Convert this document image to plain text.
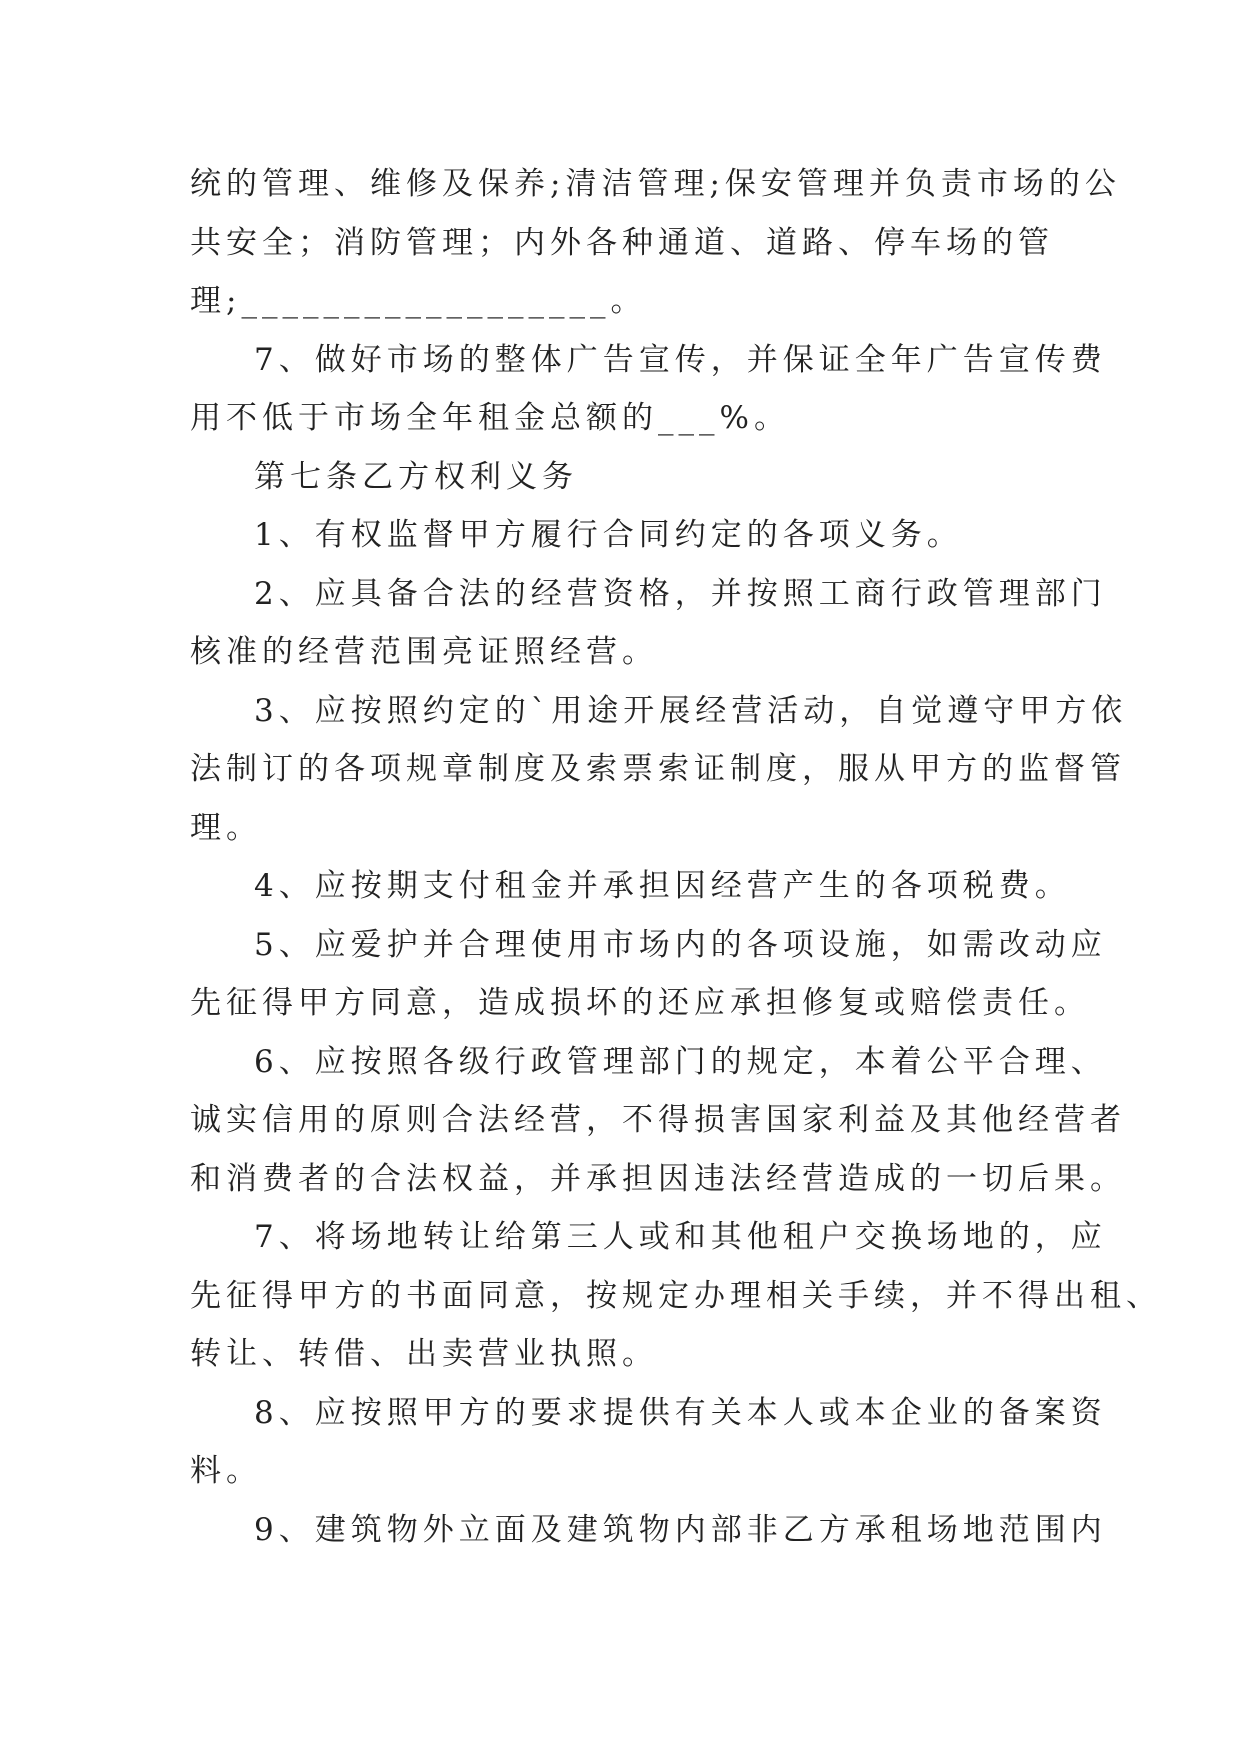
统的管理、维修及保养;清洁管理;保安管理并负责市场的公
共安全；消防管理；内外各种通道、道路、停车场的管
理;__________________。
7、做好市场的整体广告宣传，并保证全年广告宣传费
用不低于市场全年租金总额的___%。
第七条乙方权利义务
1、有权监督甲方履行合同约定的各项义务。
2、应具备合法的经营资格，并按照工商行政管理部门
核准的经营范围亮证照经营。
3、应按照约定的`用途开展经营活动，自觉遵守甲方依
法制订的各项规章制度及索票索证制度，服从甲方的监督管
理。
4、应按期支付租金并承担因经营产生的各项税费。
5、应爱护并合理使用市场内的各项设施，如需改动应
先征得甲方同意，造成损坏的还应承担修复或赔偿责任。
6、应按照各级行政管理部门的规定，本着公平合理、
诚实信用的原则合法经营，不得损害国家利益及其他经营者
和消费者的合法权益，并承担因违法经营造成的一切后果。
7、将场地转让给第三人或和其他租户交换场地的，应
先征得甲方的书面同意，按规定办理相关手续，并不得出租、
转让、转借、出卖营业执照。
8、应按照甲方的要求提供有关本人或本企业的备案资
料。
9、建筑物外立面及建筑物内部非乙方承租场地范围内
